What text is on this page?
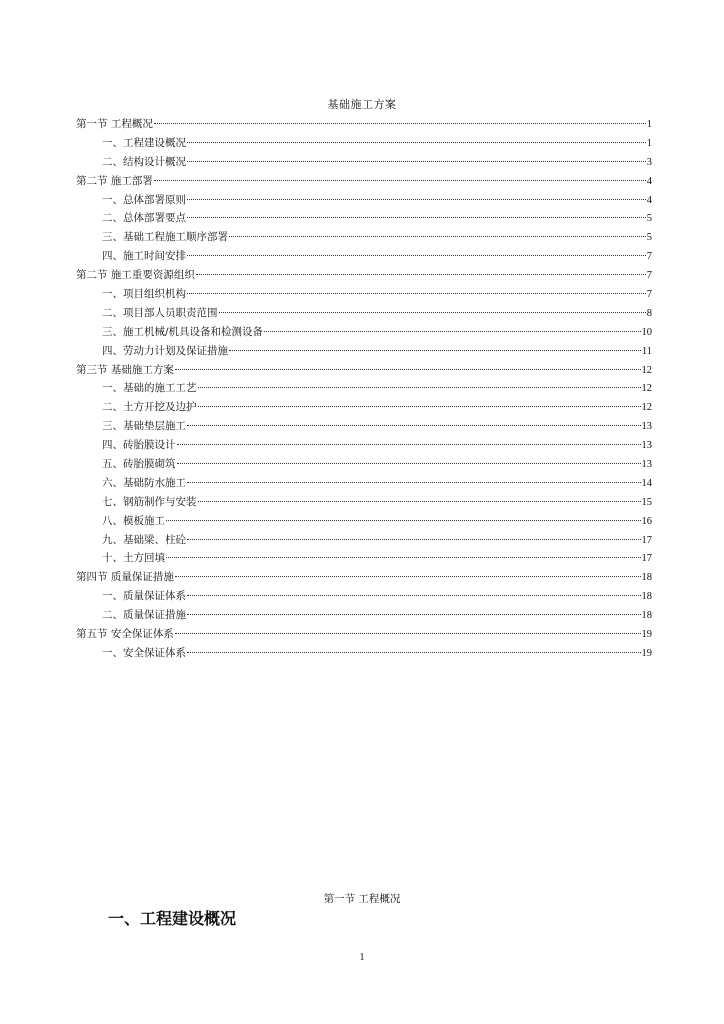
基础施工方案
第一节 工程概况	1
一、工程建设概况	1
二、结构设计概况	3
第二节 施工部署	4
一、总体部署原则	4
二、总体部署要点	5
三、基础工程施工顺序部署	5
四、施工时间安排	7
第二节 施工重要资源组织	7
一、项目组织机构	7
二、项目部人员职责范围	8
三、施工机械/机具设备和检测设备	10
四、劳动力计划及保证措施	11
第三节 基础施工方案	12
一、基础的施工工艺	12
二、土方开挖及边护	12
三、基础垫层施工	13
四、砖胎膜设计	13
五、砖胎膜砌筑	13
六、基础防水施工	14
七、钢筋制作与安装	15
八、模板施工	16
九、基础梁、柱砼	17
十、土方回填	17
第四节 质量保证措施	18
一、质量保证体系	18
二、质量保证措施	18
第五节 安全保证体系	19
一、安全保证体系	19
第一节 工程概况
一、工程建设概况
1
